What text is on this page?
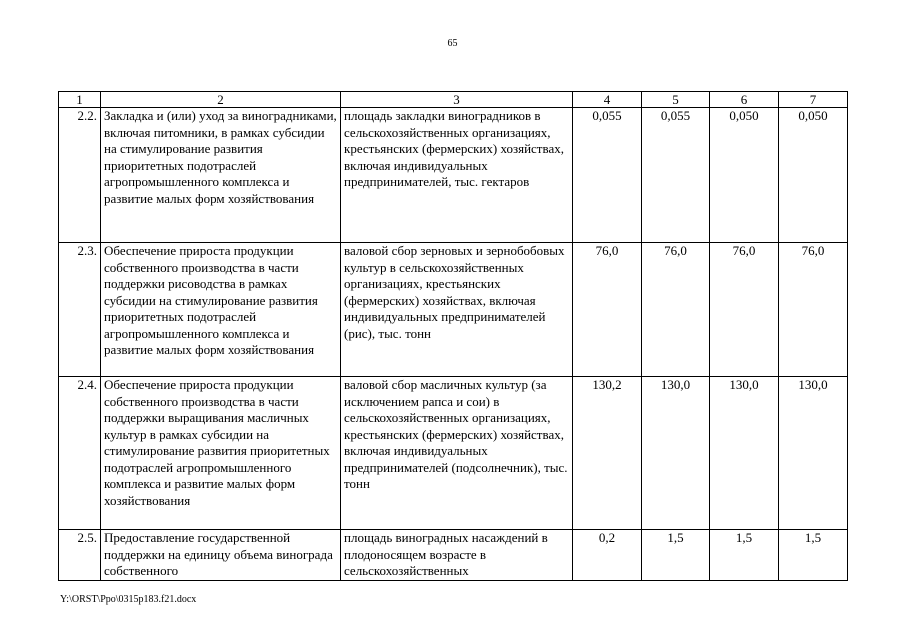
65
1	2	3	4	5	6	7
2.2.	Закладка и (или) уход за виноградниками, включая питомники, в рамках субсидии на стимулирование развития приоритетных подотраслей агропромышленного комплекса и развитие малых форм хозяйствования	площадь закладки виноградников в сельскохозяйственных организациях, крестьянских (фермерских) хозяйствах, включая индивидуальных предпринимателей, тыс. гектаров	0,055	0,055	0,050	0,050
2.3.	Обеспечение прироста продукции собственного производства в части поддержки рисоводства в рамках субсидии на стимулирование развития приоритетных подотраслей агропромышленного комплекса и развитие малых форм хозяйствования	валовой сбор зерновых и зернобобовых культур в сельскохозяйственных организациях, крестьянских (фермерских) хозяйствах, включая индивидуальных предпринимателей (рис), тыс. тонн	76,0	76,0	76,0	76,0
2.4.	Обеспечение прироста продукции собственного производства в части поддержки выращивания масличных культур в рамках субсидии на стимулирование развития приоритетных подотраслей агропромышленного комплекса и развитие малых форм хозяйствования	валовой сбор масличных культур (за исключением рапса и сои) в сельскохозяйственных организациях, крестьянских (фермерских) хозяйствах, включая индивидуальных предпринимателей (подсолнечник), тыс. тонн	130,2	130,0	130,0	130,0
2.5.	Предоставление государственной поддержки на единицу объема винограда собственного	площадь виноградных насаждений в плодоносящем возрасте в сельскохозяйственных	0,2	1,5	1,5	1,5
Y:\ORST\Ppo\0315p183.f21.docx
